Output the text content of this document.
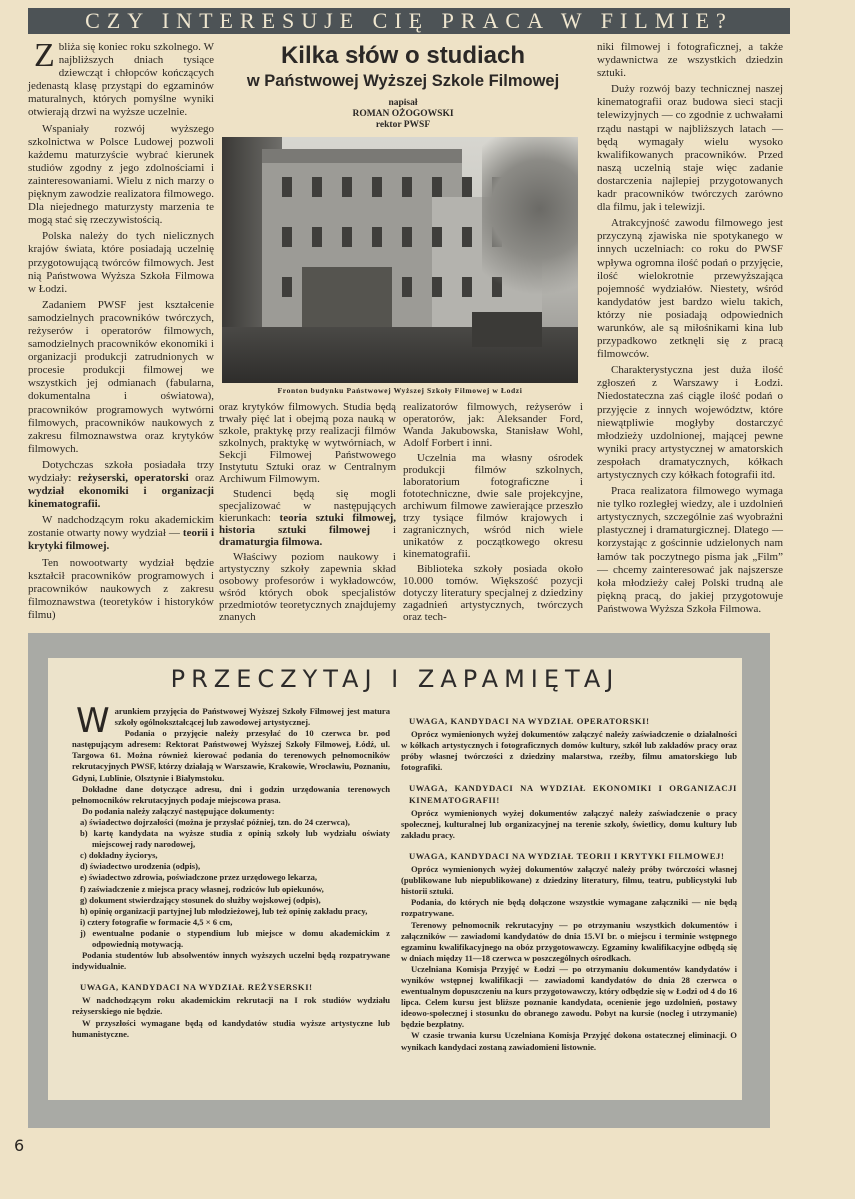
CZY INTERESUJE CIĘ PRACA W FILMIE?
Kilka słów o studiach
w Państwowej Wyższej Szkole Filmowej
napisał
ROMAN OŻOGOWSKI
rektor PWSF
Fronton budynku Państwowej Wyższej Szkoły Filmowej w Łodzi

Zbliża się koniec roku szkolnego. W najbliższych dniach tysiące dziewcząt i chłopców kończących jedenastą klasę przystąpi do egzaminów maturalnych, których pomyślne wyniki otwierają drzwi na wyższe uczelnie.

Wspaniały rozwój wyższego szkolnictwa w Polsce Ludowej pozwoli każdemu maturzyście wybrać kierunek studiów zgodny z jego zdolnościami i zainteresowaniami. Wielu z nich marzy o pięknym zawodzie realizatora filmowego. Dla niejednego maturzysty marzenia te mogą stać się rzeczywistością.

Polska należy do tych nielicznych krajów świata, które posiadają uczelnię przygotowującą twórców filmowych. Jest nią Państwowa Wyższa Szkoła Filmowa w Łodzi.

Zadaniem PWSF jest kształcenie samodzielnych pracowników twórczych, reżyserów i operatorów filmowych, samodzielnych pracowników ekonomiki i organizacji produkcji zatrudnionych w procesie produkcji filmowej we wszystkich jej odmianach (fabularna, dokumentalna i oświatowa), pracowników programowych wytwórni filmowych, pracowników naukowych z zakresu filmoznawstwa oraz krytyków filmowych.

Dotychczas szkoła posiadała trzy wydziały: reżyserski, operatorski oraz wydział ekonomiki i organizacji kinematografii.

W nadchodzącym roku akademickim zostanie otwarty nowy wydział — teorii i krytyki filmowej.

Ten nowootwarty wydział będzie kształcił pracowników programowych i pracowników naukowych z zakresu filmoznawstwa (teoretyków i historyków filmu)

oraz krytyków filmowych. Studia będą trwały pięć lat i obejmą poza nauką w szkole, praktykę przy realizacji filmów szkolnych, praktykę w wytwórniach, w Sekcji Filmowej Państwowego Instytutu Sztuki oraz w Centralnym Archiwum Filmowym.

Studenci będą się mogli specjalizować w następujących kierunkach: teoria sztuki filmowej, historia sztuki filmowej i dramaturgia filmowa.

Właściwy poziom naukowy i artystyczny szkoły zapewnia skład osobowy profesorów i wykładowców, wśród których obok specjalistów przedmiotów teoretycznych znajdujemy znanych

realizatorów filmowych, reżyserów i operatorów, jak: Aleksander Ford, Wanda Jakubowska, Stanisław Wohl, Adolf Forbert i inni.

Uczelnia ma własny ośrodek produkcji filmów szkolnych, laboratorium fotograficzne i fototechniczne, dwie sale projekcyjne, archiwum filmowe zawierające przeszło trzy tysiące filmów krajowych i zagranicznych, wśród nich wiele unikatów z początkowego okresu kinematografii.

Biblioteka szkoły posiada około 10.000 tomów. Większość pozycji dotyczy literatury specjalnej z dziedziny zagadnień artystycznych, twórczych oraz tech-

niki filmowej i fotograficznej, a także wydawnictwa ze wszystkich dziedzin sztuki.

Duży rozwój bazy technicznej naszej kinematografii oraz budowa sieci stacji telewizyjnych — co zgodnie z uchwałami rządu nastąpi w najbliższych latach — będą wymagały wielu wysoko kwalifikowanych pracowników. Przed naszą uczelnią staje więc zadanie dostarczenia najlepiej przygotowanych kadr pracowników twórczych zarówno dla filmu, jak i telewizji.

Atrakcyjność zawodu filmowego jest przyczyną zjawiska nie spotykanego w innych uczelniach: co roku do PWSF wpływa ogromna ilość podań o przyjęcie, ilość wielokrotnie przewyższająca pojemność wydziałów. Niestety, wśród kandydatów jest bardzo wielu takich, którzy nie posiadają odpowiednich warunków, ale są miłośnikami kina lub przypadkowo zetknęli się z pracą filmowców.

Charakterystyczna jest duża ilość zgłoszeń z Warszawy i Łodzi. Niedostateczna zaś ciągle ilość podań o przyjęcie z innych województw, które niewątpliwie mogłyby dostarczyć młodzieży uzdolnionej, mającej pewne wyniki pracy artystycznej w amatorskich zespołach dramatycznych, kółkach artystycznych czy kółkach fotografii itd.

Praca realizatora filmowego wymaga nie tylko rozległej wiedzy, ale i uzdolnień artystycznych, szczególnie zaś wyobraźni plastycznej i dramaturgicznej. Dlatego — korzystając z gościnnie udzielonych nam łamów tak poczytnego pisma jak „Film” — chcemy zainteresować jak najszersze koła młodzieży całej Polski trudną ale piękną pracą, do jakiej przygotowuje Państwowa Wyższa Szkoła Filmowa.

PRZECZYTAJ I ZAPAMIĘTAJ

Warunkiem przyjęcia do Państwowej Wyższej Szkoły Filmowej jest matura szkoły ogólnokształcącej lub zawodowej artystycznej.

Podania o przyjęcie należy przesyłać do 10 czerwca br. pod następującym adresem: Rektorat Państwowej Wyższej Szkoły Filmowej, Łódź, ul. Targowa 61. Można również kierować podania do terenowych pełnomocników rekrutacyjnych PWSF, którzy działają w Warszawie, Krakowie, Wrocławiu, Poznaniu, Gdyni, Lublinie, Olsztynie i Białymstoku.

Dokładne dane dotyczące adresu, dni i godzin urzędowania terenowych pełnomocników rekrutacyjnych podaje miejscowa prasa.

Do podania należy załączyć następujące dokumenty:

a) świadectwo dojrzałości (można je przysłać później, tzn. do 24 czerwca),

b) kartę kandydata na wyższe studia z opinią szkoły lub wydziału oświaty miejscowej rady narodowej,

c) dokładny życiorys,

d) świadectwo urodzenia (odpis),

e) świadectwo zdrowia, poświadczone przez urzędowego lekarza,

f) zaświadczenie z miejsca pracy własnej, rodziców lub opiekunów,

g) dokument stwierdzający stosunek do służby wojskowej (odpis),

h) opinię organizacji partyjnej lub młodzieżowej, lub też opinię zakładu pracy,

i) cztery fotografie w formacie 4,5 × 6 cm,

j) ewentualne podanie o stypendium lub miejsce w domu akademickim z odpowiednią motywacją.

Podania studentów lub absolwentów innych wyższych uczelni będą rozpatrywane indywidualnie.

UWAGA, KANDYDACI NA WYDZIAŁ REŻYSERSKI!

W nadchodzącym roku akademickim rekrutacji na I rok studiów wydziału reżyserskiego nie będzie.

W przyszłości wymagane będą od kandydatów studia wyższe artystyczne lub humanistyczne.

UWAGA, KANDYDACI NA WYDZIAŁ OPERATORSKI!

Oprócz wymienionych wyżej dokumentów załączyć należy zaświadczenie o działalności w kółkach artystycznych i fotograficznych domów kultury, szkół lub zakładów pracy oraz próby własnej twórczości z dziedziny malarstwa, rzeźby, filmu amatorskiego lub fotografiki.

UWAGA, KANDYDACI NA WYDZIAŁ EKONOMIKI I ORGANIZACJI KINEMATOGRAFII!

Oprócz wymienionych wyżej dokumentów załączyć należy zaświadczenie o pracy społecznej, kulturalnej lub organizacyjnej na terenie szkoły, świetlicy, domu kultury lub zakładu pracy.

UWAGA, KANDYDACI NA WYDZIAŁ TEORII I KRYTYKI FILMOWEJ!

Oprócz wymienionych wyżej dokumentów załączyć należy próby twórczości własnej (publikowane lub niepublikowane) z dziedziny literatury, filmu, teatru, publicystyki lub historii sztuki.

Podania, do których nie będą dołączone wszystkie wymagane załączniki — nie będą rozpatrywane.

Terenowy pełnomocnik rekrutacyjny — po otrzymaniu wszystkich dokumentów i załączników — zawiadomi kandydatów do dnia 15.VI br. o miejscu i terminie wstępnego egzaminu kwalifikacyjnego na obóz przygotowawczy. Egzaminy kwalifikacyjne odbędą się w dniach między 11—18 czerwca w poszczególnych ośrodkach.

Uczelniana Komisja Przyjęć w Łodzi — po otrzymaniu dokumentów kandydatów i wyników wstępnej kwalifikacji — zawiadomi kandydatów do dnia 28 czerwca o ewentualnym dopuszczeniu na kurs przygotowawczy, który odbędzie się w Łodzi od 4 do 16 lipca. Celem kursu jest bliższe poznanie kandydata, ocenienie jego uzdolnień, postawy ideowo-społecznej i stosunku do obranego zawodu. Pobyt na kursie (nocleg i utrzymanie) będzie bezpłatny.

W czasie trwania kursu Uczelniana Komisja Przyjęć dokona ostatecznej eliminacji. O wynikach kandydaci zostaną zawiadomieni listownie.

6
